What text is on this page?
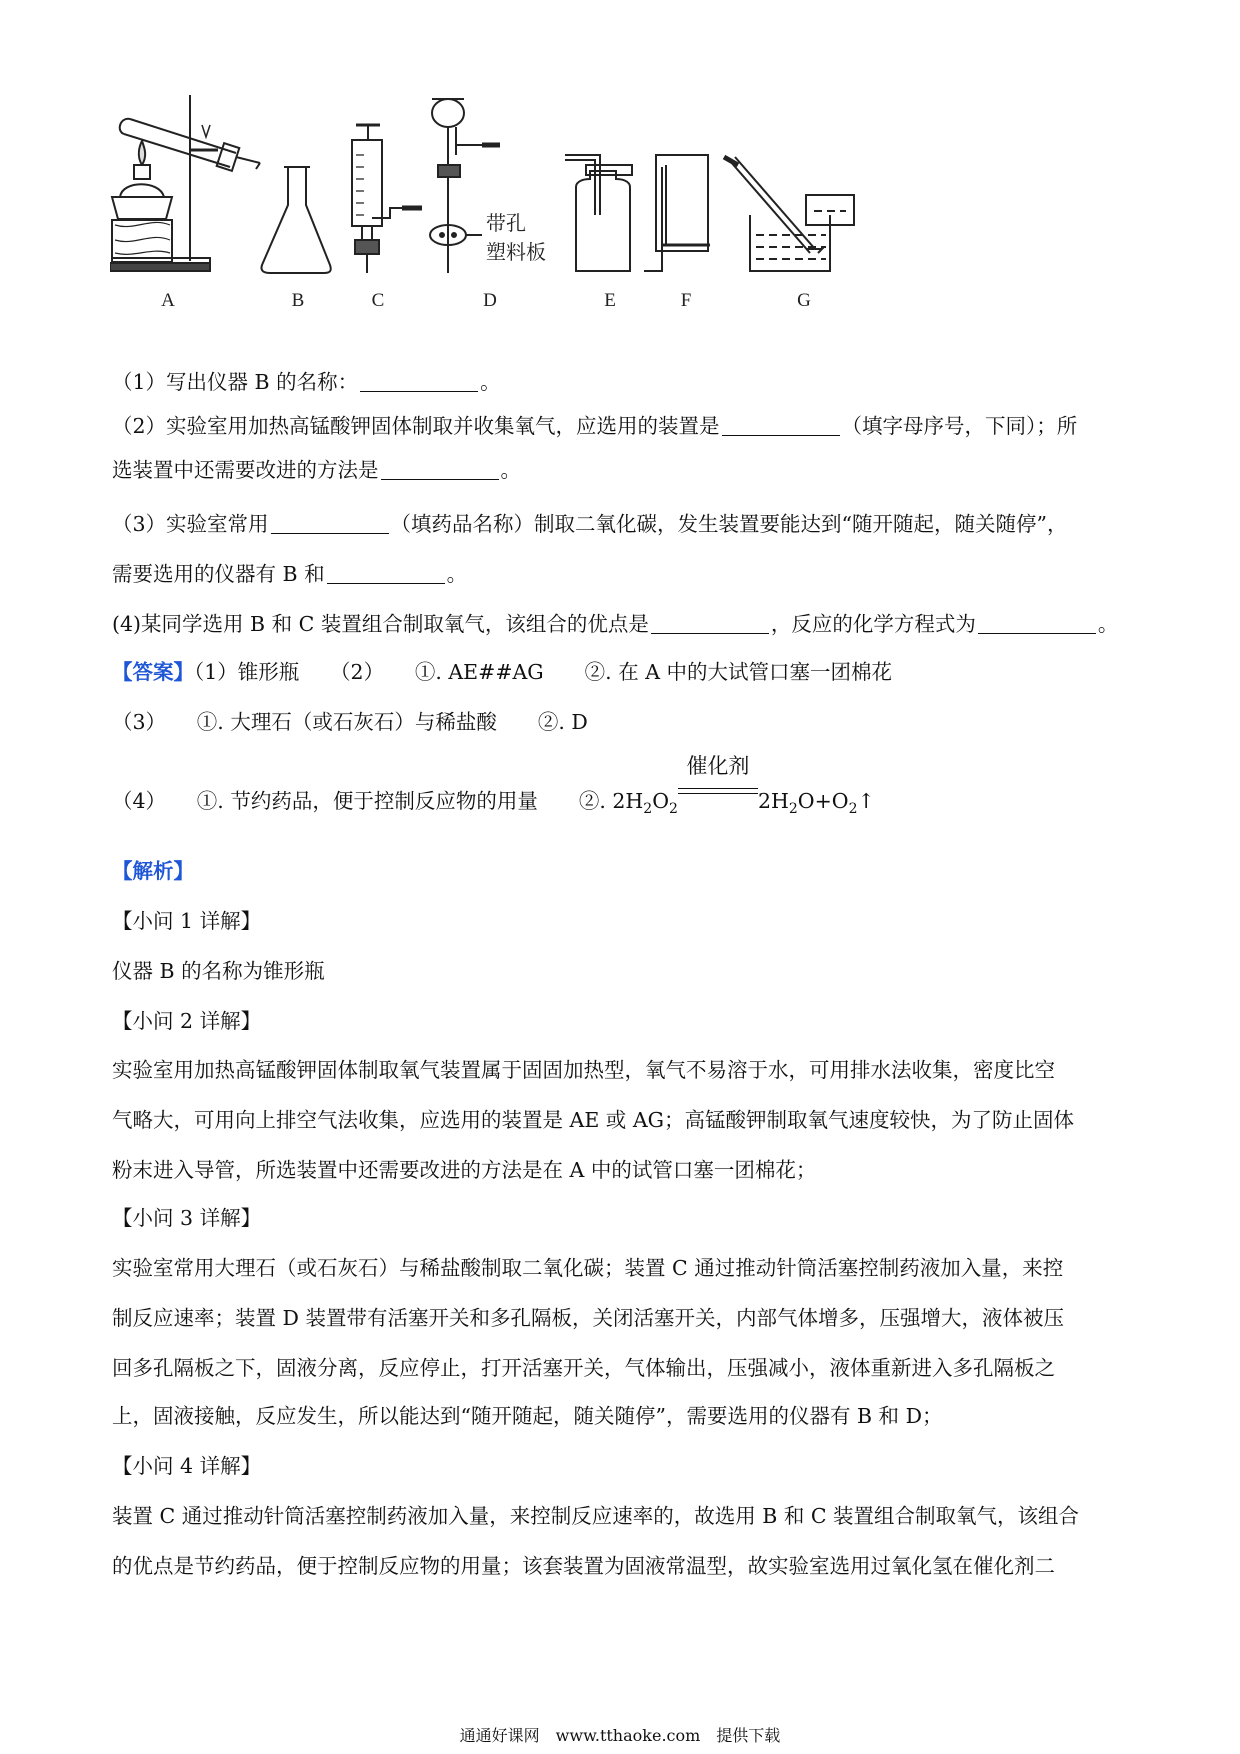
A	B	C	D	E	F	G
带孔
塑料板
（1）写出仪器 B 的名称：	。
（2）实验室用加热高锰酸钾固体制取并收集氧气，应选用的装置是	（填字母序号，下同）；所
选装置中还需要改进的方法是	。
（3）实验室常用	（填药品名称）制取二氧化碳，发生装置要能达到“随开随起，随关随停”，
需要选用的仪器有 B 和	。
(4)某同学选用 B 和 C 装置组合制取氧气，该组合的优点是	，反应的化学方程式为	。
【答案】（1）锥形瓶　　（2）　　①. AE##AG　　②. 在 A 中的大试管口塞一团棉花
（3）　　①. 大理石（或石灰石）与稀盐酸　　②. D
（4）　　①. 节约药品，便于控制反应物的用量　　②. $2H_2O_2$
催化剂
$2H_2O+O_2↑$
【解析】
【小问 1 详解】
仪器 B 的名称为锥形瓶
【小问 2 详解】
实验室用加热高锰酸钾固体制取氧气装置属于固固加热型，氧气不易溶于水，可用排水法收集，密度比空
气略大，可用向上排空气法收集，应选用的装置是 AE 或 AG；高锰酸钾制取氧气速度较快，为了防止固体
粉末进入导管，所选装置中还需要改进的方法是在 A 中的试管口塞一团棉花；
【小问 3 详解】
实验室常用大理石（或石灰石）与稀盐酸制取二氧化碳；装置 C 通过推动针筒活塞控制药液加入量，来控
制反应速率；装置 D 装置带有活塞开关和多孔隔板，关闭活塞开关，内部气体增多，压强增大，液体被压
回多孔隔板之下，固液分离，反应停止，打开活塞开关，气体输出，压强减小，液体重新进入多孔隔板之
上，固液接触，反应发生，所以能达到“随开随起，随关随停”，需要选用的仪器有 B 和 D；
【小问 4 详解】
装置 C 通过推动针筒活塞控制药液加入量，来控制反应速率的，故选用 B 和 C 装置组合制取氧气，该组合
的优点是节约药品，便于控制反应物的用量；该套装置为固液常温型，故实验室选用过氧化氢在催化剂二
通通好课网　www.tthaoke.com　提供下载
